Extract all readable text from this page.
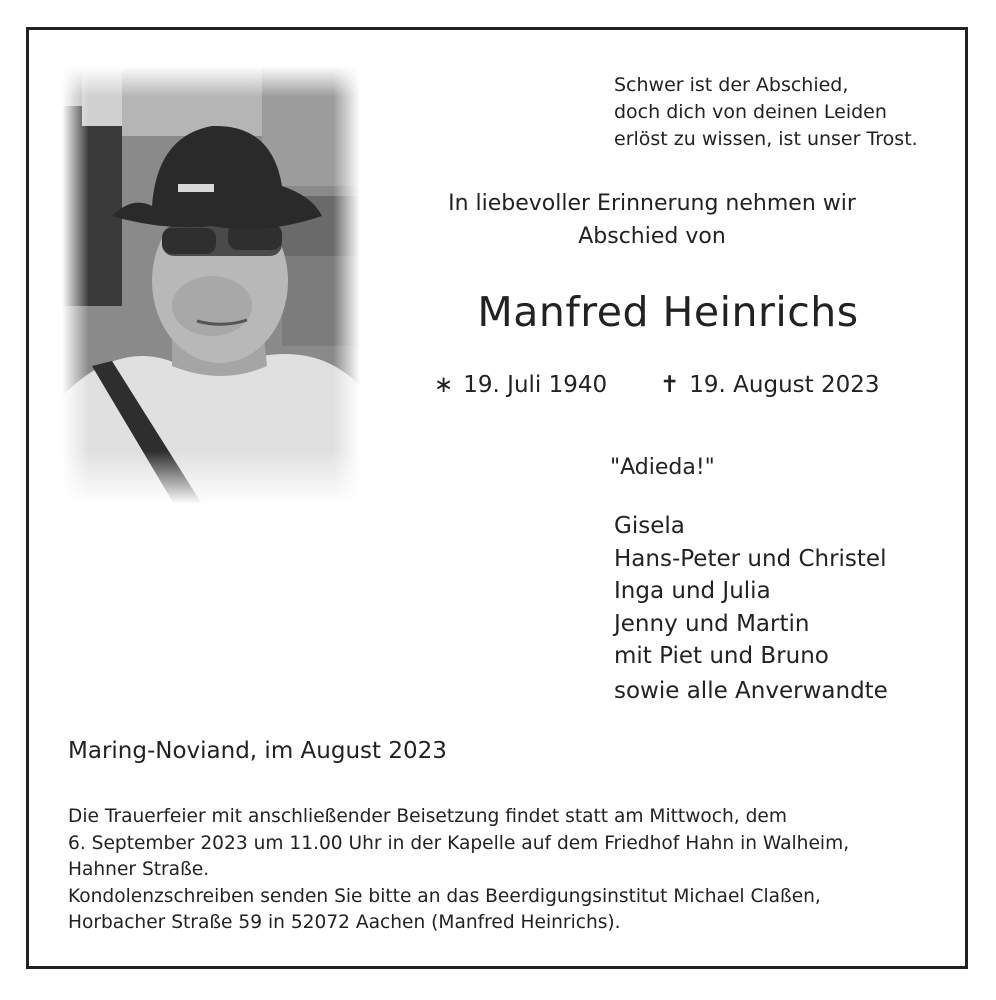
Schwer ist der Abschied,
doch dich von deinen Leiden
erlöst zu wissen, ist unser Trost.
In liebevoller Erinnerung nehmen wir
Abschied von
Manfred Heinrichs
∗ 19. Juli 1940 ✝ 19. August 2023
"Adieda!"
Gisela
Hans-Peter und Christel
Inga und Julia
Jenny und Martin
mit Piet und Bruno
sowie alle Anverwandte
Maring-Noviand, im August 2023
Die Trauerfeier mit anschließender Beisetzung findet statt am Mittwoch, dem
6. September 2023 um 11.00 Uhr in der Kapelle auf dem Friedhof Hahn in Walheim,
Hahner Straße.
Kondolenzschreiben senden Sie bitte an das Beerdigungsinstitut Michael Claßen,
Horbacher Straße 59 in 52072 Aachen (Manfred Heinrichs).
